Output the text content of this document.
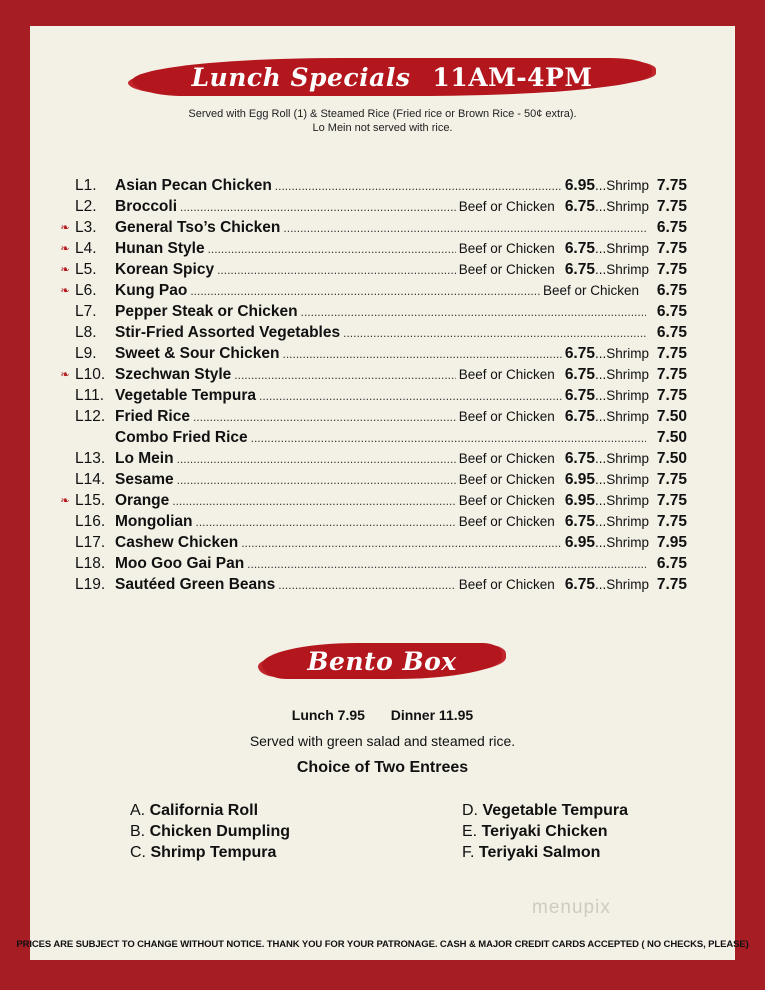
Lunch Specials 11AM-4PM
Served with Egg Roll (1) & Steamed Rice (Fried rice or Brown Rice - 50¢ extra).
Lo Mein not served with rice.
L1.	Asian Pecan Chicken .....	6.95 ...Shrimp 7.75
L2.	Broccoli .....	Beef or Chicken 6.75 ...Shrimp 7.75
❧ L3.	General Tso’s Chicken .....	6.75
❧ L4.	Hunan Style .....	Beef or Chicken 6.75 ...Shrimp 7.75
❧ L5.	Korean Spicy .....	Beef or Chicken 6.75 ...Shrimp 7.75
❧ L6.	Kung Pao .....	Beef or Chicken	6.75
L7.	Pepper Steak or Chicken .....	6.75
L8.	Stir-Fried Assorted Vegetables .....	6.75
L9.	Sweet & Sour Chicken .....	6.75 ...Shrimp 7.75
❧ L10. Szechwan Style .....	Beef or Chicken 6.75 ...Shrimp 7.75
L11. Vegetable Tempura .....	6.75 ...Shrimp 7.75
L12. Fried Rice .....	Beef or Chicken 6.75 ...Shrimp 7.50
Combo Fried Rice .....	7.50
L13. Lo Mein .....	Beef or Chicken 6.75 ...Shrimp 7.50
L14. Sesame .....	Beef or Chicken 6.95 ...Shrimp 7.75
❧ L15. Orange .....	Beef or Chicken 6.95 ...Shrimp 7.75
L16. Mongolian .....	Beef or Chicken 6.75 ...Shrimp 7.75
L17. Cashew Chicken .....	6.95 ...Shrimp 7.95
L18. Moo Goo Gai Pan .....	6.75
L19. Sautéed Green Beans .....	Beef or Chicken 6.75 ...Shrimp 7.75
Bento Box
Lunch 7.95 Dinner 11.95
Served with green salad and steamed rice.
Choice of Two Entrees
A. California Roll
B. Chicken Dumpling
C. Shrimp Tempura
D. Vegetable Tempura
E. Teriyaki Chicken
F. Teriyaki Salmon
menupix
PRICES ARE SUBJECT TO CHANGE WITHOUT NOTICE. THANK YOU FOR YOUR PATRONAGE. CASH & MAJOR CREDIT CARDS ACCEPTED ( NO CHECKS, PLEASE)
